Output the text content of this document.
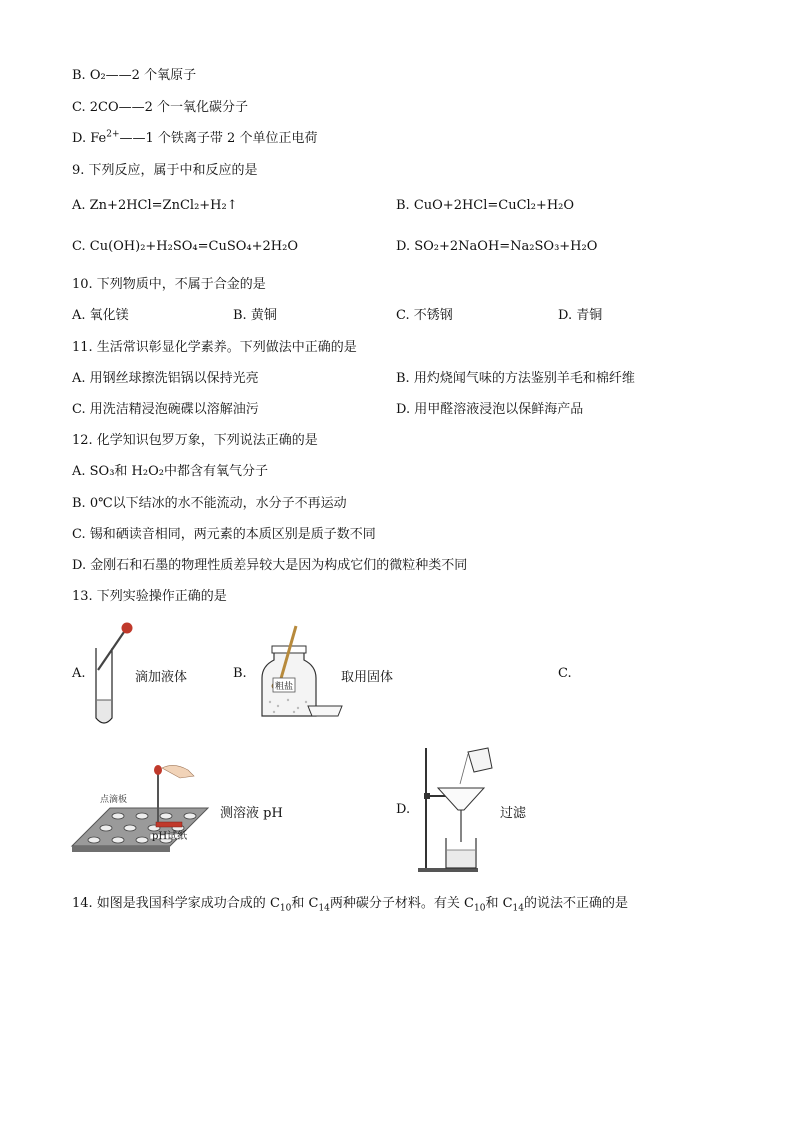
B. O₂——2 个氧原子
C. 2CO——2 个一氧化碳分子
D. $Fe^{2+}——1$ 个铁离子带 2 个单位正电荷
9. 下列反应，属于中和反应的是
A. Zn+2HCl=ZnCl₂+H₂↑	B. CuO+2HCl=CuCl₂+H₂O
C. Cu(OH)₂+H₂SO₄=CuSO₄+2H₂O	D. SO₂+2NaOH=Na₂SO₃+H₂O
10. 下列物质中，不属于合金的是
A. 氧化镁	B. 黄铜	C. 不锈钢	D. 青铜
11. 生活常识彰显化学素养。下列做法中正确的是
A. 用钢丝球擦洗铝锅以保持光亮	B. 用灼烧闻气味的方法鉴别羊毛和棉纤维
C. 用洗洁精浸泡碗碟以溶解油污	D. 用甲醛溶液浸泡以保鲜海产品
12. 化学知识包罗万象，下列说法正确的是
A. SO₃和 H₂O₂中都含有氧气分子
B. 0℃以下结冰的水不能流动，水分子不再运动
C. 锡和硒读音相同，两元素的本质区别是质子数不同
D. 金刚石和石墨的物理性质差异较大是因为构成它们的微粒种类不同
13. 下列实验操作正确的是
A.	滴加液体	B.
粗盐
取用固体	C.
点滴板
pH试纸
测溶液 pH	D.	过滤
14. 如图是我国科学家成功合成的 $C_{10}$和 $C_{14}$两种碳分子材料。有关 $C_{10}$和 $C_{14}$的说法不正确的是
